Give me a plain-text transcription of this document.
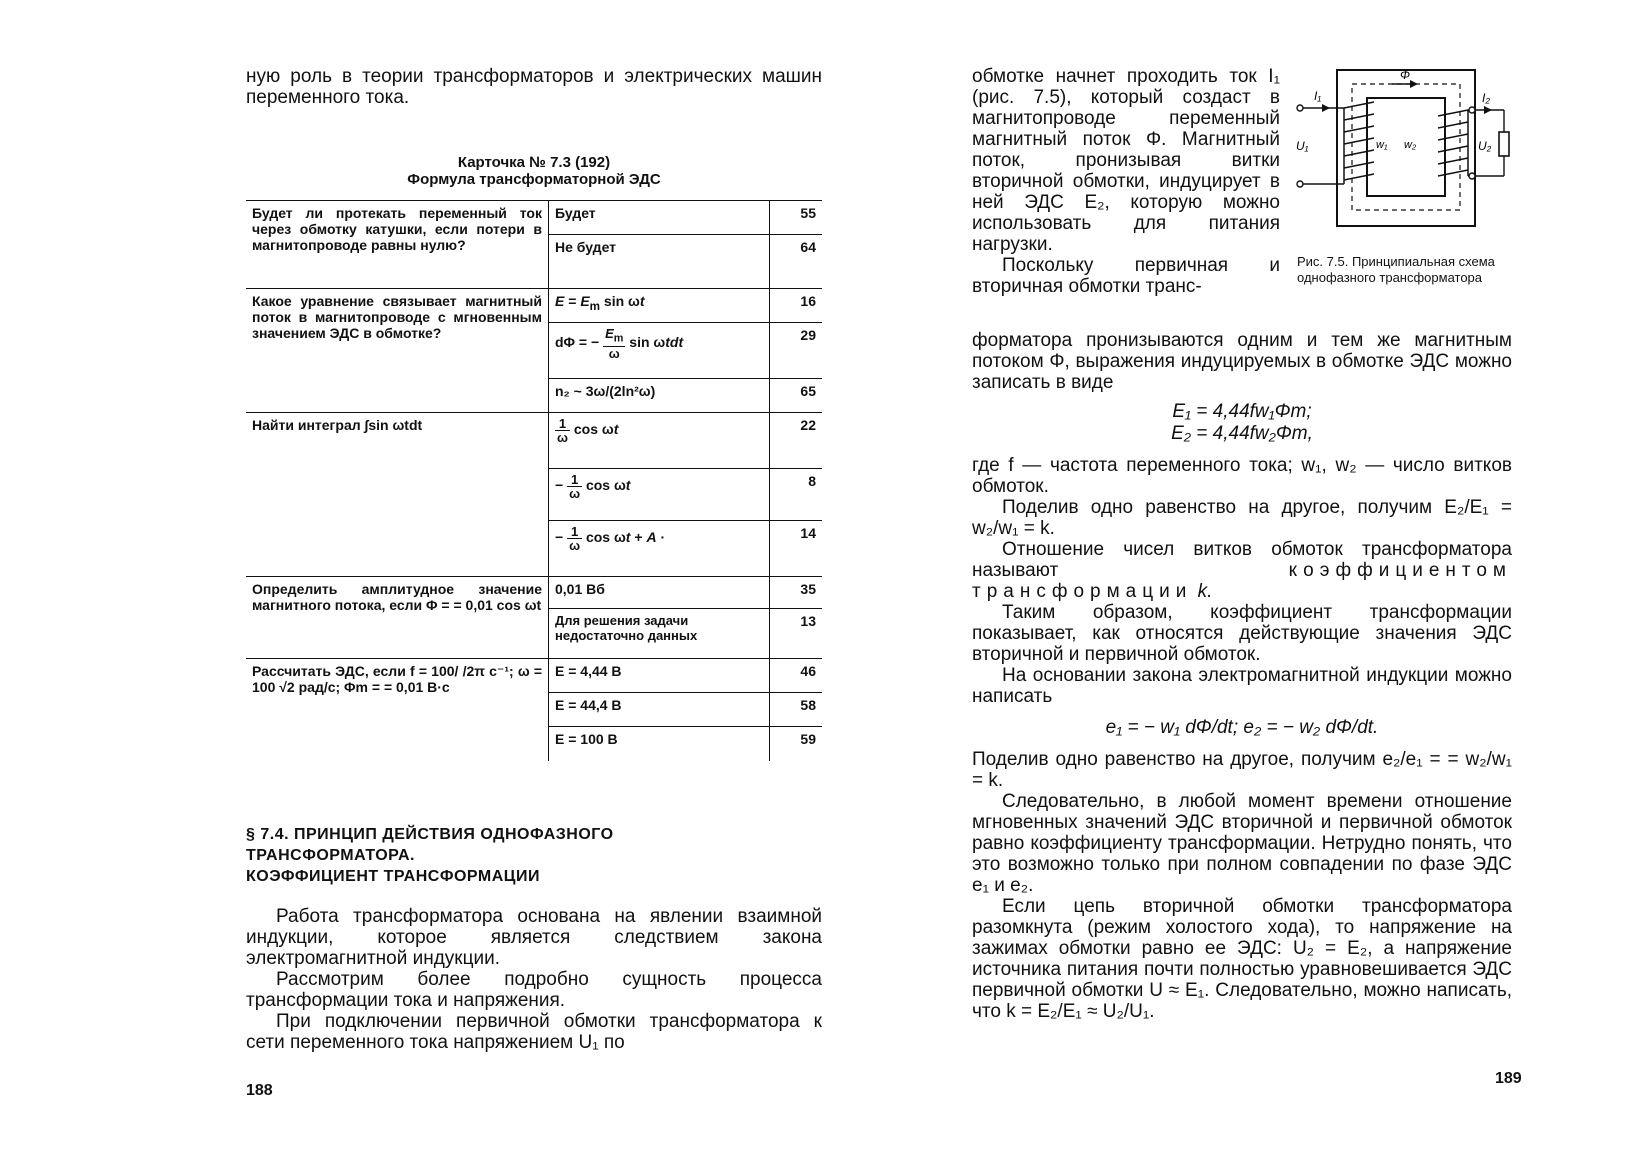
ную роль в теории трансформаторов и электрических машин переменного тока.

Карточка № 7.3 (192)
Формула трансформаторной ЭДС
Будет ли протекать переменный ток через обмотку катушки, если потери в магнитопроводе равны нулю?	Будет	55
	Не будет	64
Какое уравнение связывает магнитный поток в магнитопроводе с мгновенным значением ЭДС в обмотке?	$E = E_m$ sin ωt	16
	dΦ = − $\frac{E_m}{\omega}$ sin ωtdt	29
	n₂ ~ 3ω/(2ln²ω)	65
Найти интеграл ∫sin ωtdt	$\frac{1}{\omega}$ cos ωt	22
	− $\frac{1}{\omega}$ cos ωt	8
	− $\frac{1}{\omega}$ cos ωt + A ·	14
Определить амплитудное значение магнитного потока, если Φ = = 0,01 cos ωt	0,01 Вб	35
	Для решения задачи недостаточно данных	13
Рассчитать ЭДС, если f = 100/ /2π с⁻¹; ω = 100 √2 рад/с; Φm = = 0,01 В·с	E = 4,44 В	46
	E = 44,4 В	58
	E = 100 В	59
§ 7.4. ПРИНЦИП ДЕЙСТВИЯ ОДНОФАЗНОГО
ТРАНСФОРМАТОРА.
КОЭФФИЦИЕНТ ТРАНСФОРМАЦИИ

Работа трансформатора основана на явлении взаимной индукции, которое является следствием закона электромагнитной индукции.

Рассмотрим более подробно сущность процесса трансформации тока и напряжения.

При подключении первичной обмотки трансформатора к сети переменного тока напряжением U₁ по

188

обмотке начнет проходить ток I₁ (рис. 7.5), который создаст в магнитопроводе переменный магнитный поток Φ. Магнитный поток, пронизывая витки вторичной обмотки, индуцирует в ней ЭДС E₂, которую можно использовать для питания нагрузки.

Поскольку первичная и вторичная обмотки транс-

Φ
I₁
U₁	w₁ w₂
I₂
U₂
Рис. 7.5. Принципиальная схема однофазного трансформатора

форматора пронизываются одним и тем же магнитным потоком Φ, выражения индуцируемых в обмотке ЭДС можно записать в виде

E₁ = 4,44fw₁Φm;
E₂ = 4,44fw₂Φm,

где f — частота переменного тока; w₁, w₂ — число витков обмоток.

Поделив одно равенство на другое, получим E₂/E₁ = w₂/w₁ = k.

Отношение чисел витков обмоток трансформатора называют	коэффициентом трансформации k.

Таким образом, коэффициент трансформации показывает, как относятся действующие значения ЭДС вторичной и первичной обмоток.

На основании закона электромагнитной индукции можно написать

e₁ = − w₁ dΦ/dt; e₂ = − w₂ dΦ/dt.

Поделив одно равенство на другое, получим e₂/e₁ = = w₂/w₁ = k.

Следовательно, в любой момент времени отношение мгновенных значений ЭДС вторичной и первичной обмоток равно коэффициенту трансформации. Нетрудно понять, что это возможно только при полном совпадении по фазе ЭДС e₁ и e₂.

Если цепь вторичной обмотки трансформатора разомкнута (режим холостого хода), то напряжение на зажимах обмотки равно ее ЭДС: U₂ = E₂, а напряжение источника питания почти полностью уравновешивается ЭДС первичной обмотки U ≈ E₁. Следовательно, можно написать, что k = E₂/E₁ ≈ U₂/U₁.

189
